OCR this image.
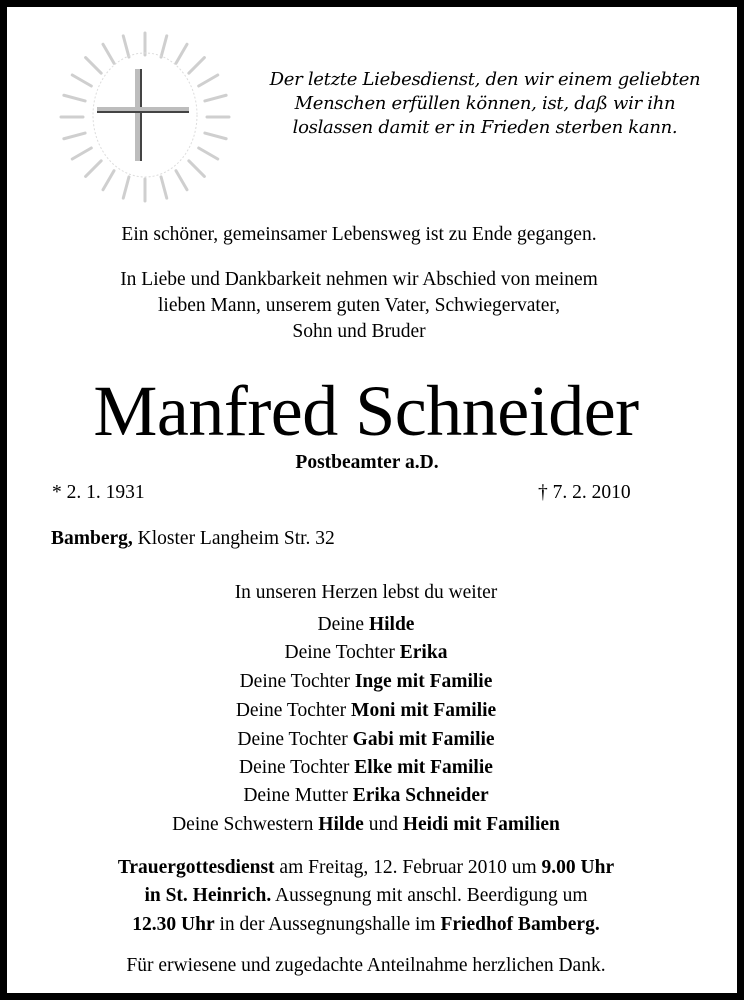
Der letzte Liebesdienst, den wir einem geliebten
Menschen erfüllen können, ist, daß wir ihn
loslassen damit er in Frieden sterben kann.
Ein schöner, gemeinsamer Lebensweg ist zu Ende gegangen.
In Liebe und Dankbarkeit nehmen wir Abschied von meinem
lieben Mann, unserem guten Vater, Schwiegervater,
Sohn und Bruder
Manfred Schneider
Postbeamter a.D.
* 2. 1. 1931	† 7. 2. 2010
Bamberg, Kloster Langheim Str. 32
In unseren Herzen lebst du weiter
Deine Hilde
Deine Tochter Erika
Deine Tochter Inge mit Familie
Deine Tochter Moni mit Familie
Deine Tochter Gabi mit Familie
Deine Tochter Elke mit Familie
Deine Mutter Erika Schneider
Deine Schwestern Hilde und Heidi mit Familien
Trauergottesdienst am Freitag, 12. Februar 2010 um 9.00 Uhr
in St. Heinrich. Aussegnung mit anschl. Beerdigung um
12.30 Uhr in der Aussegnungshalle im Friedhof Bamberg.
Für erwiesene und zugedachte Anteilnahme herzlichen Dank.
